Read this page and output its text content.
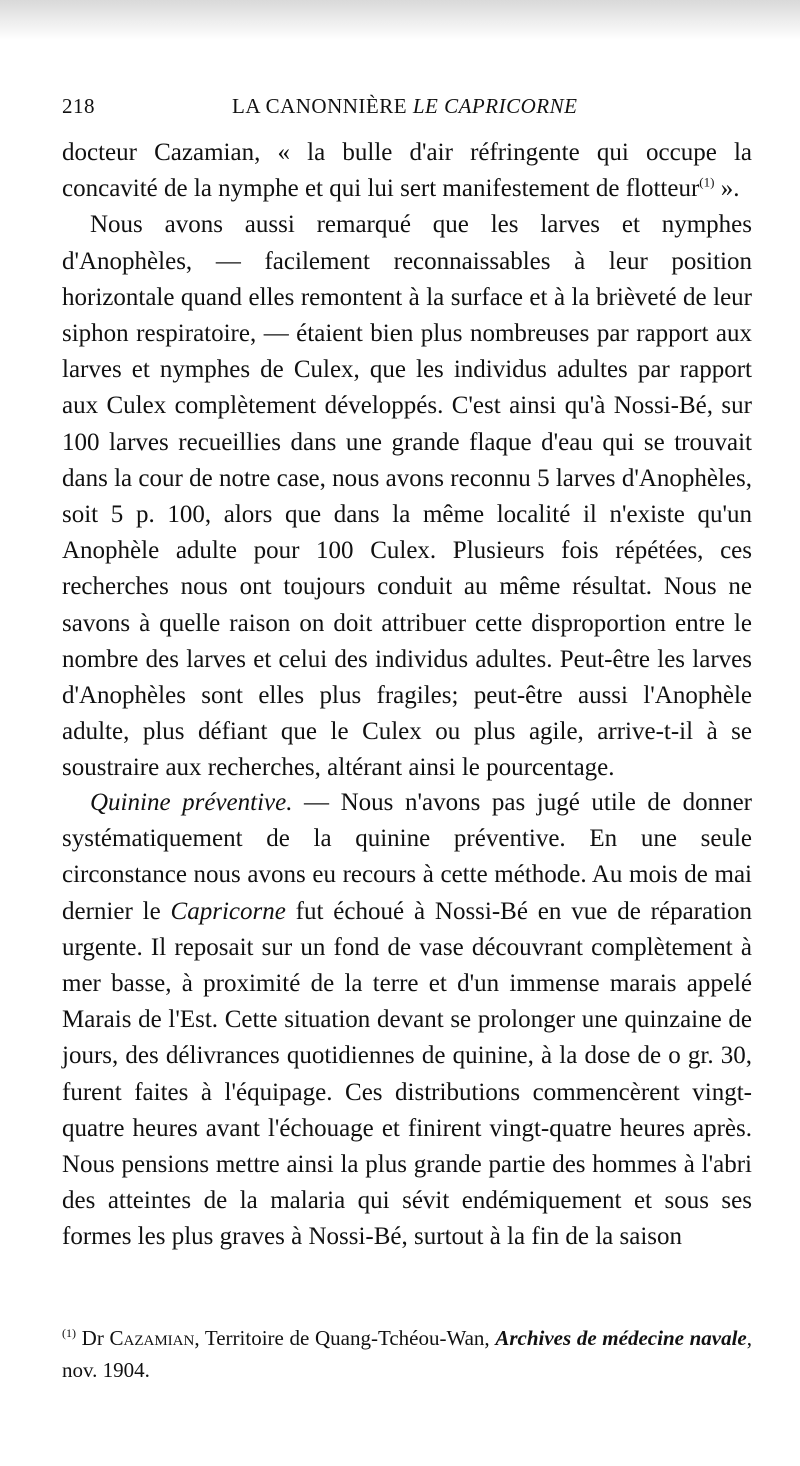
218	LA CANONNIÈRE LE CAPRICORNE

docteur Cazamian, « la bulle d'air réfringente qui occupe la concavité de la nymphe et qui lui sert manifestement de flotteur$^{(1)}$ ».

Nous avons aussi remarqué que les larves et nymphes d'Anophèles, — facilement reconnaissables à leur position horizontale quand elles remontent à la surface et à la brièveté de leur siphon respiratoire, — étaient bien plus nombreuses par rapport aux larves et nymphes de Culex, que les individus adultes par rapport aux Culex complètement développés. C'est ainsi qu'à Nossi-Bé, sur 100 larves recueillies dans une grande flaque d'eau qui se trouvait dans la cour de notre case, nous avons reconnu 5 larves d'Anophèles, soit 5 p. 100, alors que dans la même localité il n'existe qu'un Anophèle adulte pour 100 Culex. Plusieurs fois répétées, ces recherches nous ont toujours conduit au même résultat. Nous ne savons à quelle raison on doit attribuer cette disproportion entre le nombre des larves et celui des individus adultes. Peut-être les larves d'Anophèles sont elles plus fragiles; peut-être aussi l'Anophèle adulte, plus défiant que le Culex ou plus agile, arrive-t-il à se soustraire aux recherches, altérant ainsi le pourcentage.

Quinine préventive. — Nous n'avons pas jugé utile de donner systématiquement de la quinine préventive. En une seule circonstance nous avons eu recours à cette méthode. Au mois de mai dernier le Capricorne fut échoué à Nossi-Bé en vue de réparation urgente. Il reposait sur un fond de vase découvrant complètement à mer basse, à proximité de la terre et d'un immense marais appelé Marais de l'Est. Cette situation devant se prolonger une quinzaine de jours, des délivrances quotidiennes de quinine, à la dose de o gr. 30, furent faites à l'équipage. Ces distributions commencèrent vingt-quatre heures avant l'échouage et finirent vingt-quatre heures après. Nous pensions mettre ainsi la plus grande partie des hommes à l'abri des atteintes de la malaria qui sévit endémiquement et sous ses formes les plus graves à Nossi-Bé, surtout à la fin de la saison

$^{(1)}$ Dr Cazamian, Territoire de Quang-Tchéou-Wan, Archives de médecine navale, nov. 1904.
